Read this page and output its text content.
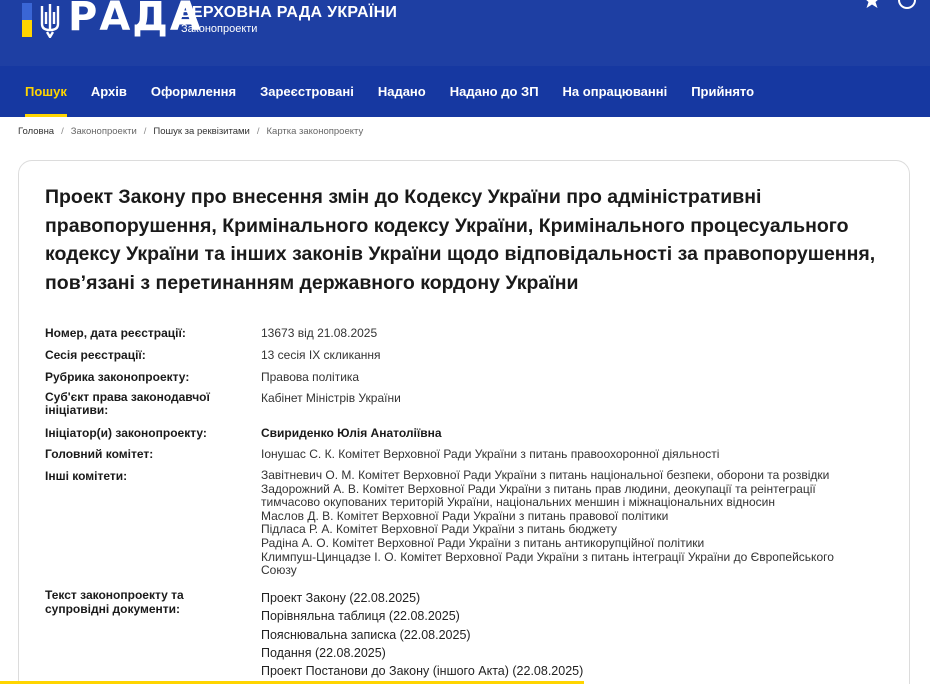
РАДА
ВЕРХОВНА РАДА УКРАЇНИ
Законопроекти
Пошук	Архів	Оформлення	Зареєстровані	Надано	Надано до ЗП	На опрацюванні	Прийнято
Головна / Законопроекти / Пошук за реквізитами / Картка законопроекту
Проект Закону про внесення змін до Кодексу України про адміністративні правопорушення, Кримінального кодексу України, Кримінального процесуального кодексу України та інших законів України щодо відповідальності за правопорушення, пов’язані з перетинанням державного кордону України
Номер, дата реєстрації:	13673 від 21.08.2025
Сесія реєстрації:	13 сесія IX скликання
Рубрика законопроекту:	Правова політика
Суб'єкт права законодавчої ініціативи:
Кабінет Міністрів України
Ініціатор(и) законопроекту:	Свириденко Юлія Анатоліївна
Головний комітет:	Іонушас С. К. Комітет Верховної Ради України з питань правоохоронної діяльності
Інші комітети:	Завітневич О. М. Комітет Верховної Ради України з питань національної безпеки, оборони та розвідки
Задорожний А. В. Комітет Верховної Ради України з питань прав людини, деокупації та реінтеграції
тимчасово окупованих територій України, національних меншин і міжнаціональних відносин
Маслов Д. В. Комітет Верховної Ради України з питань правової політики
Підласа Р. А. Комітет Верховної Ради України з питань бюджету
Радіна А. О. Комітет Верховної Ради України з питань антикорупційної політики
Климпуш-Цинцадзе І. О. Комітет Верховної Ради України з питань інтеграції України до Європейського
Союзу
Текст законопроекту та супровідні документи:
Проект Закону (22.08.2025)
Порівняльна таблиця (22.08.2025)
Пояснювальна записка (22.08.2025)
Подання (22.08.2025)
Проект Постанови до Закону (іншого Акта) (22.08.2025)
